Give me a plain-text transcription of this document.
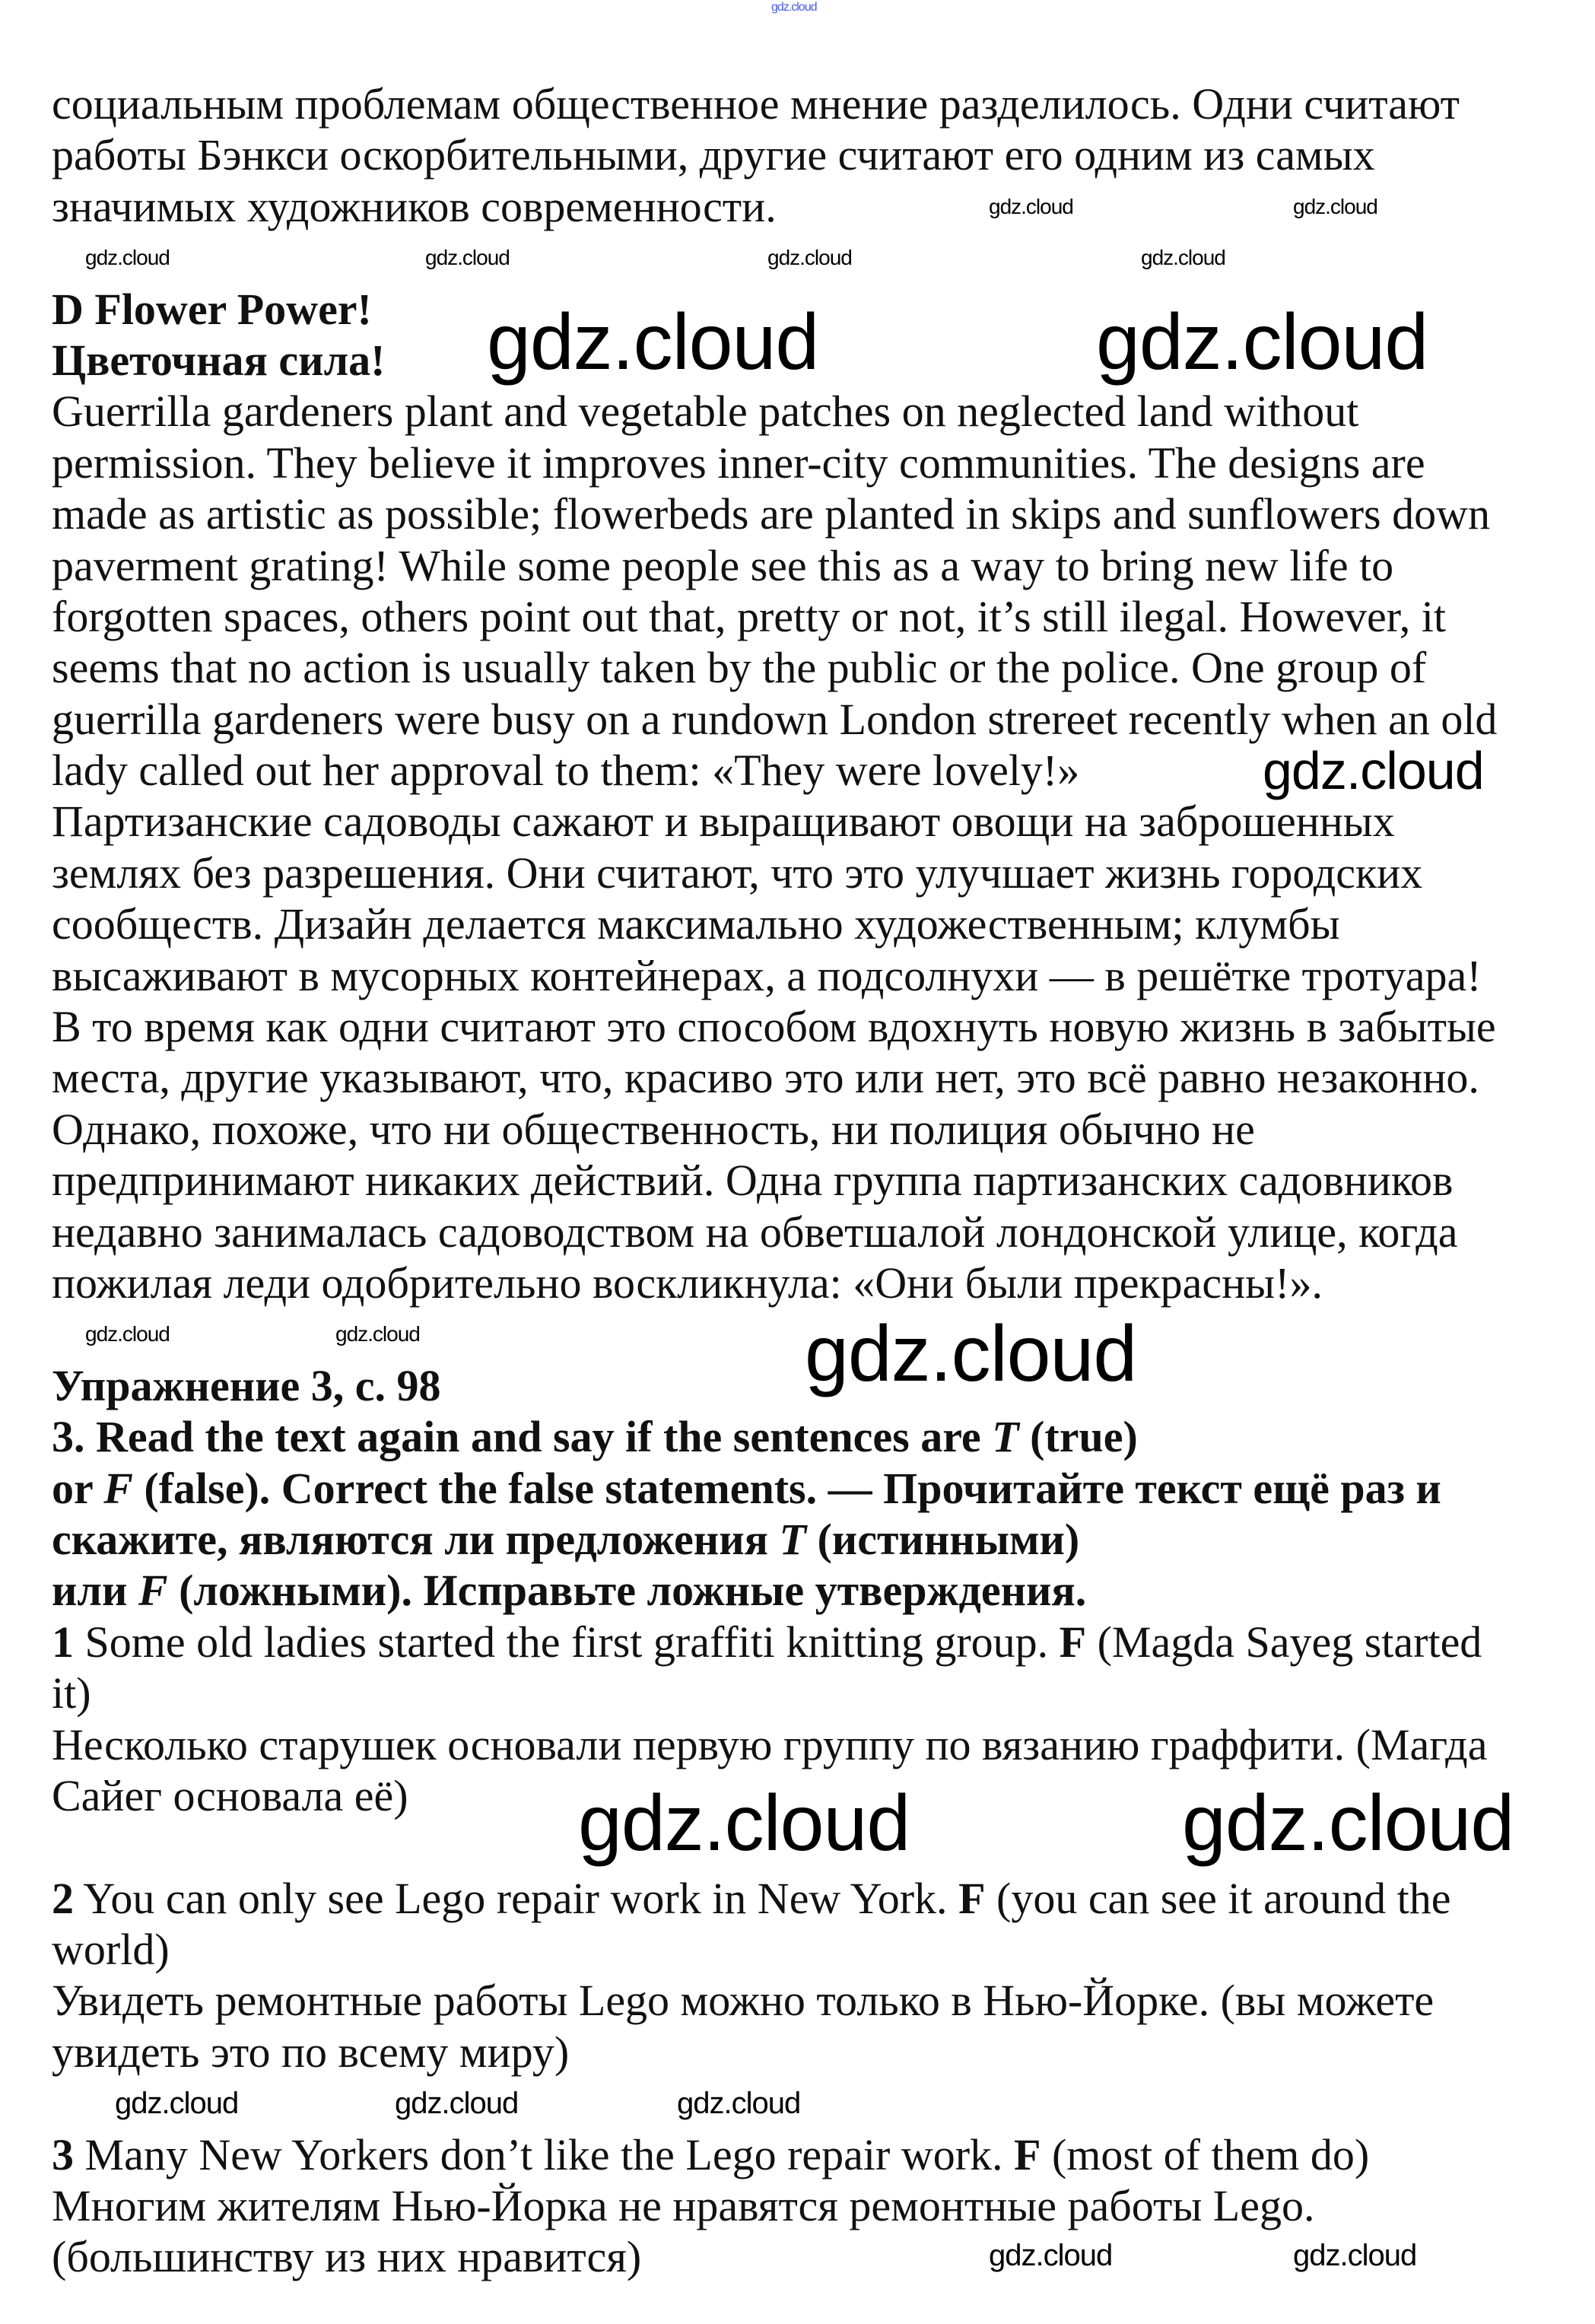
gdz.cloud
социальным проблемам общественное мнение разделилось. Одни считают
работы Бэнкси оскорбительными, другие считают его одним из самых
значимых художников современности.
D Flower Power!
Цветочная сила!
Guerrilla gardeners plant and vegetable patches on neglected land without
permission. They believe it improves inner-city communities. The designs are
made as artistic as possible; flowerbeds are planted in skips and sunflowers down
paverment grating! While some people see this as a way to bring new life to
forgotten spaces, others point out that, pretty or not, it’s still ilegal. However, it
seems that no action is usually taken by the public or the police. One group of
guerrilla gardeners were busy on a rundown London strereet recently when an old
lady called out her approval to them: «They were lovely!»
Партизанские садоводы сажают и выращивают овощи на заброшенных
землях без разрешения. Они считают, что это улучшает жизнь городских
сообществ. Дизайн делается максимально художественным; клумбы
высаживают в мусорных контейнерах, а подсолнухи — в решётке тротуара!
В то время как одни считают это способом вдохнуть новую жизнь в забытые
места, другие указывают, что, красиво это или нет, это всё равно незаконно.
Однако, похоже, что ни общественность, ни полиция обычно не
предпринимают никаких действий. Одна группа партизанских садовников
недавно занималась садоводством на обветшалой лондонской улице, когда
пожилая леди одобрительно воскликнула: «Они были прекрасны!».
Упражнение 3, с. 98
3. Read the text again and say if the sentences are T (true)
or F (false). Correct the false statements. — Прочитайте текст ещё раз и
скажите, являются ли предложения T (истинными)
или F (ложными). Исправьте ложные утверждения.
1 Some old ladies started the first graffiti knitting group. F (Magda Sayeg started
it)
Несколько старушек основали первую группу по вязанию граффити. (Магда
Сайег основала её)
2 You can only see Lego repair work in New York. F (you can see it around the
world)
Увидеть ремонтные работы Lego можно только в Нью-Йорке. (вы можете
увидеть это по всему миру)
3 Many New Yorkers don’t like the Lego repair work. F (most of them do)
Многим жителям Нью-Йорка не нравятся ремонтные работы Lego.
(большинству из них нравится)
gdz.cloud	gdz.cloud
gdz.cloud
gdz.cloud
gdz.cloud	gdz.cloud
gdz.cloud	gdz.cloud	gdz.cloud	gdz.cloud
gdz.cloud	gdz.cloud
gdz.cloud	gdz.cloud
gdz.cloud	gdz.cloud	gdz.cloud
gdz.cloud	gdz.cloud
